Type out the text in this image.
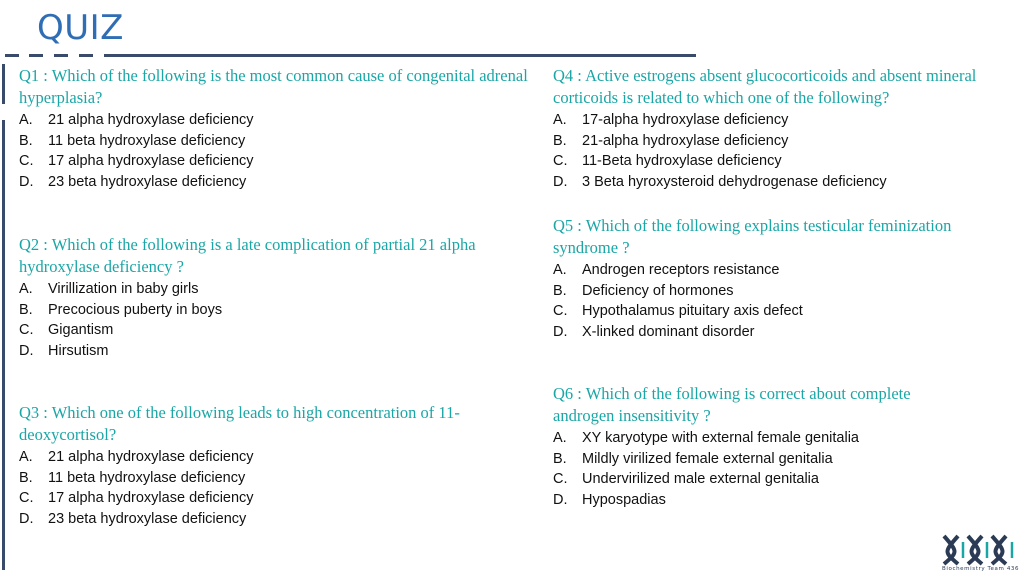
QUIZ

Q1 : Which of the following is the most common cause of congenital adrenal hyperplasia?

A.	21 alpha hydroxylase deficiency
B.	11 beta hydroxylase deficiency
C.	17 alpha hydroxylase deficiency
D.	23 beta hydroxylase deficiency

Q2 : Which of the following is a late complication of partial 21 alpha hydroxylase deficiency ?

A.	Virillization in baby girls
B.	Precocious puberty in boys
C.	Gigantism
D.	Hirsutism

Q3 : Which one of the following leads to high concentration of 11-deoxycortisol?

A.	21 alpha hydroxylase deficiency
B.	11 beta hydroxylase deficiency
C.	17 alpha hydroxylase deficiency
D.	23 beta hydroxylase deficiency

Q4 : Active estrogens absent glucocorticoids and absent mineral corticoids is related to which one of the following?

A.	17-alpha hydroxylase deficiency
B.	21-alpha hydroxylase deficiency
C.	11-Beta hydroxylase deficiency
D.	3 Beta hyroxysteroid dehydrogenase deficiency

Q5 : Which of the following explains testicular feminization syndrome ?

A.	Androgen receptors resistance
B.	Deficiency of hormones
C.	Hypothalamus pituitary axis defect
D.	X-linked dominant disorder

Q6 : Which of the following is correct about complete androgen insensitivity ?

A.	XY karyotype with external female genitalia
B.	Mildly virilized female external genitalia
C.	Undervirilized male external genitalia
D.	Hypospadias
Biochemistry Team 436
